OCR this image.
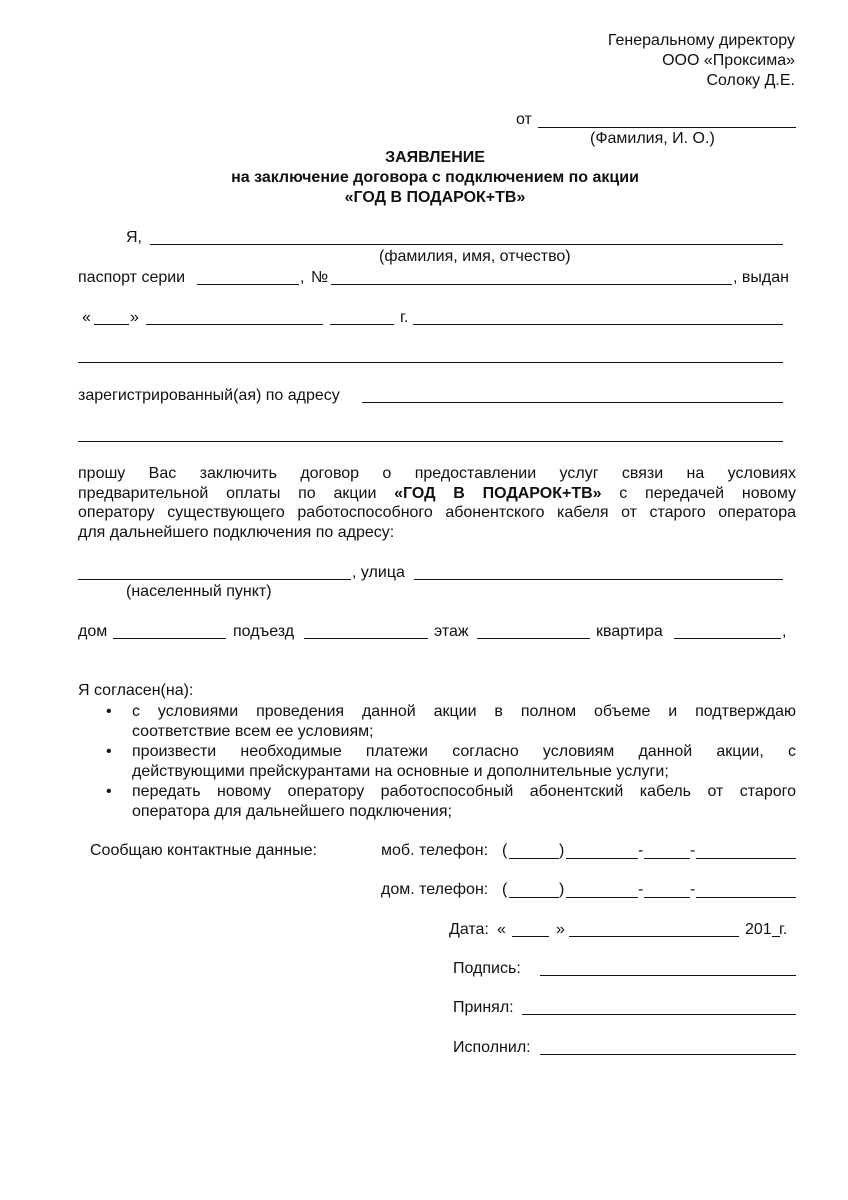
Генеральному директору
ООО «Проксима»
Солоку Д.Е.
от
(Фамилия, И. О.)
ЗАЯВЛЕНИЕ
на заключение договора с подключением по акции
«ГОД В ПОДАРОК+ТВ»
Я,
(фамилия, имя, отчество)
паспорт серии	, №	, выдан
« »	г.
зарегистрированный(ая) по адресу
прошу Вас заключить договор о предоставлении услуг связи на условиях
предварительной оплаты по акции «ГОД В ПОДАРОК+ТВ» с передачей новому
оператору существующего работоспособного абонентского кабеля от старого оператора
для дальнейшего подключения по адресу:
, улица
(населенный пункт)
дом	подъезд	этаж	квартира	,
Я согласен(на):
• с условиями проведения данной акции в полном объеме и подтверждаю
соответствие всем ее условиям;
• произвести необходимые платежи согласно условиям данной акции, с
действующими прейскурантами на основные и дополнительные услуги;
• передать новому оператору работоспособный абонентский кабель от старого
оператора для дальнейшего подключения;
Сообщаю контактные данные:	моб. телефон: (	)	-	-
дом. телефон: (	)	-	-
Дата: «	»	201 г.
Подпись:
Принял:
Исполнил:
